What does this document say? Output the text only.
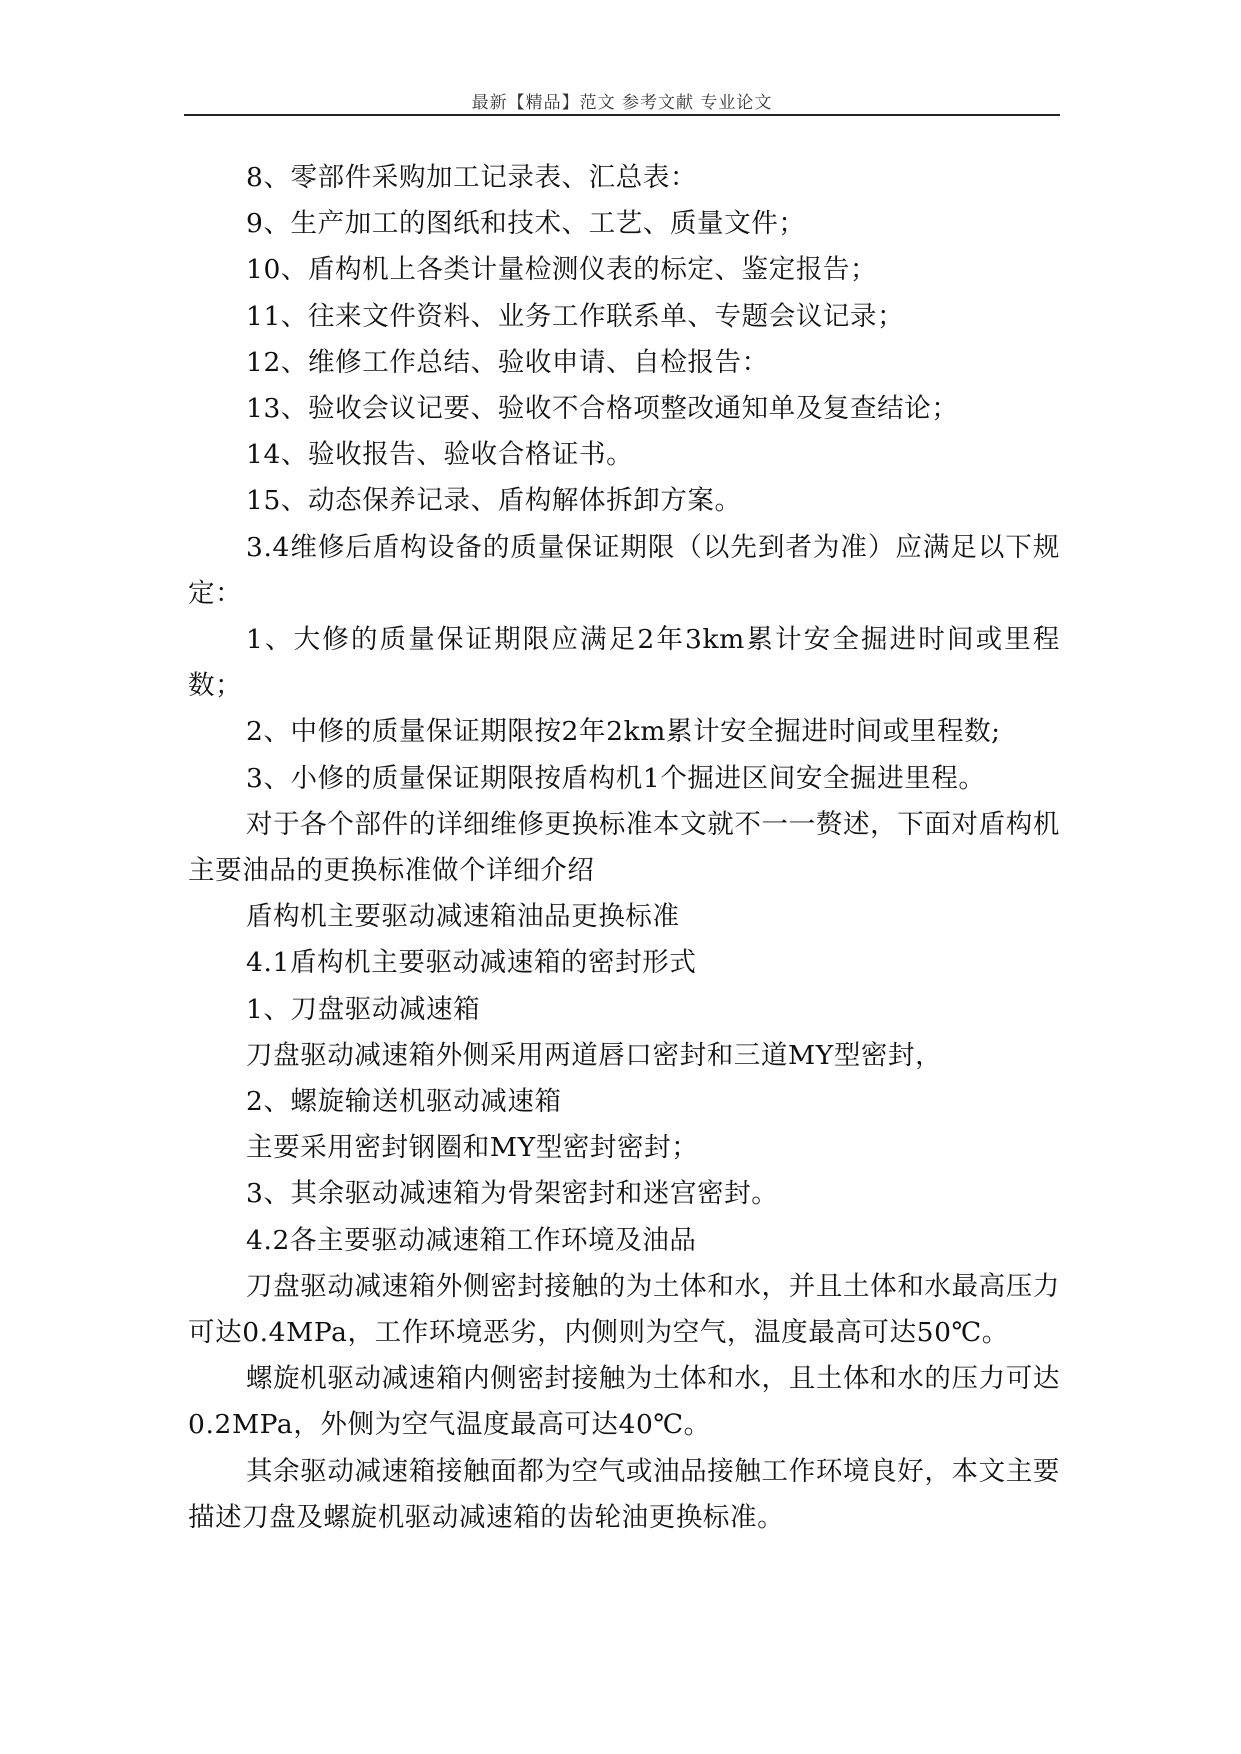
最新【精品】范文 参考文献 专业论文

8、零部件采购加工记录表、汇总表：

9、生产加工的图纸和技术、工艺、质量文件；

10、盾构机上各类计量检测仪表的标定、鉴定报告；

11、往来文件资料、业务工作联系单、专题会议记录；

12、维修工作总结、验收申请、自检报告：

13、验收会议记要、验收不合格项整改通知单及复查结论；

14、验收报告、验收合格证书。

15、动态保养记录、盾构解体拆卸方案。

3.4维修后盾构设备的质量保证期限（以先到者为准）应满足以下规定：

1、大修的质量保证期限应满足2年3km累计安全掘进时间或里程数；

2、中修的质量保证期限按2年2km累计安全掘进时间或里程数;

3、小修的质量保证期限按盾构机1个掘进区间安全掘进里程。

对于各个部件的详细维修更换标准本文就不一一赘述，下面对盾构机主要油品的更换标准做个详细介绍

盾构机主要驱动减速箱油品更换标准

4.1盾构机主要驱动减速箱的密封形式

1、刀盘驱动减速箱

刀盘驱动减速箱外侧采用两道唇口密封和三道MY型密封，

2、螺旋输送机驱动减速箱

主要采用密封钢圈和MY型密封密封；

3、其余驱动减速箱为骨架密封和迷宫密封。

4.2各主要驱动减速箱工作环境及油品

刀盘驱动减速箱外侧密封接触的为土体和水，并且土体和水最高压力可达0.4MPa，工作环境恶劣，内侧则为空气，温度最高可达50℃。

螺旋机驱动减速箱内侧密封接触为土体和水，且土体和水的压力可达0.2MPa，外侧为空气温度最高可达40℃。

其余驱动减速箱接触面都为空气或油品接触工作环境良好，本文主要描述刀盘及螺旋机驱动减速箱的齿轮油更换标准。
